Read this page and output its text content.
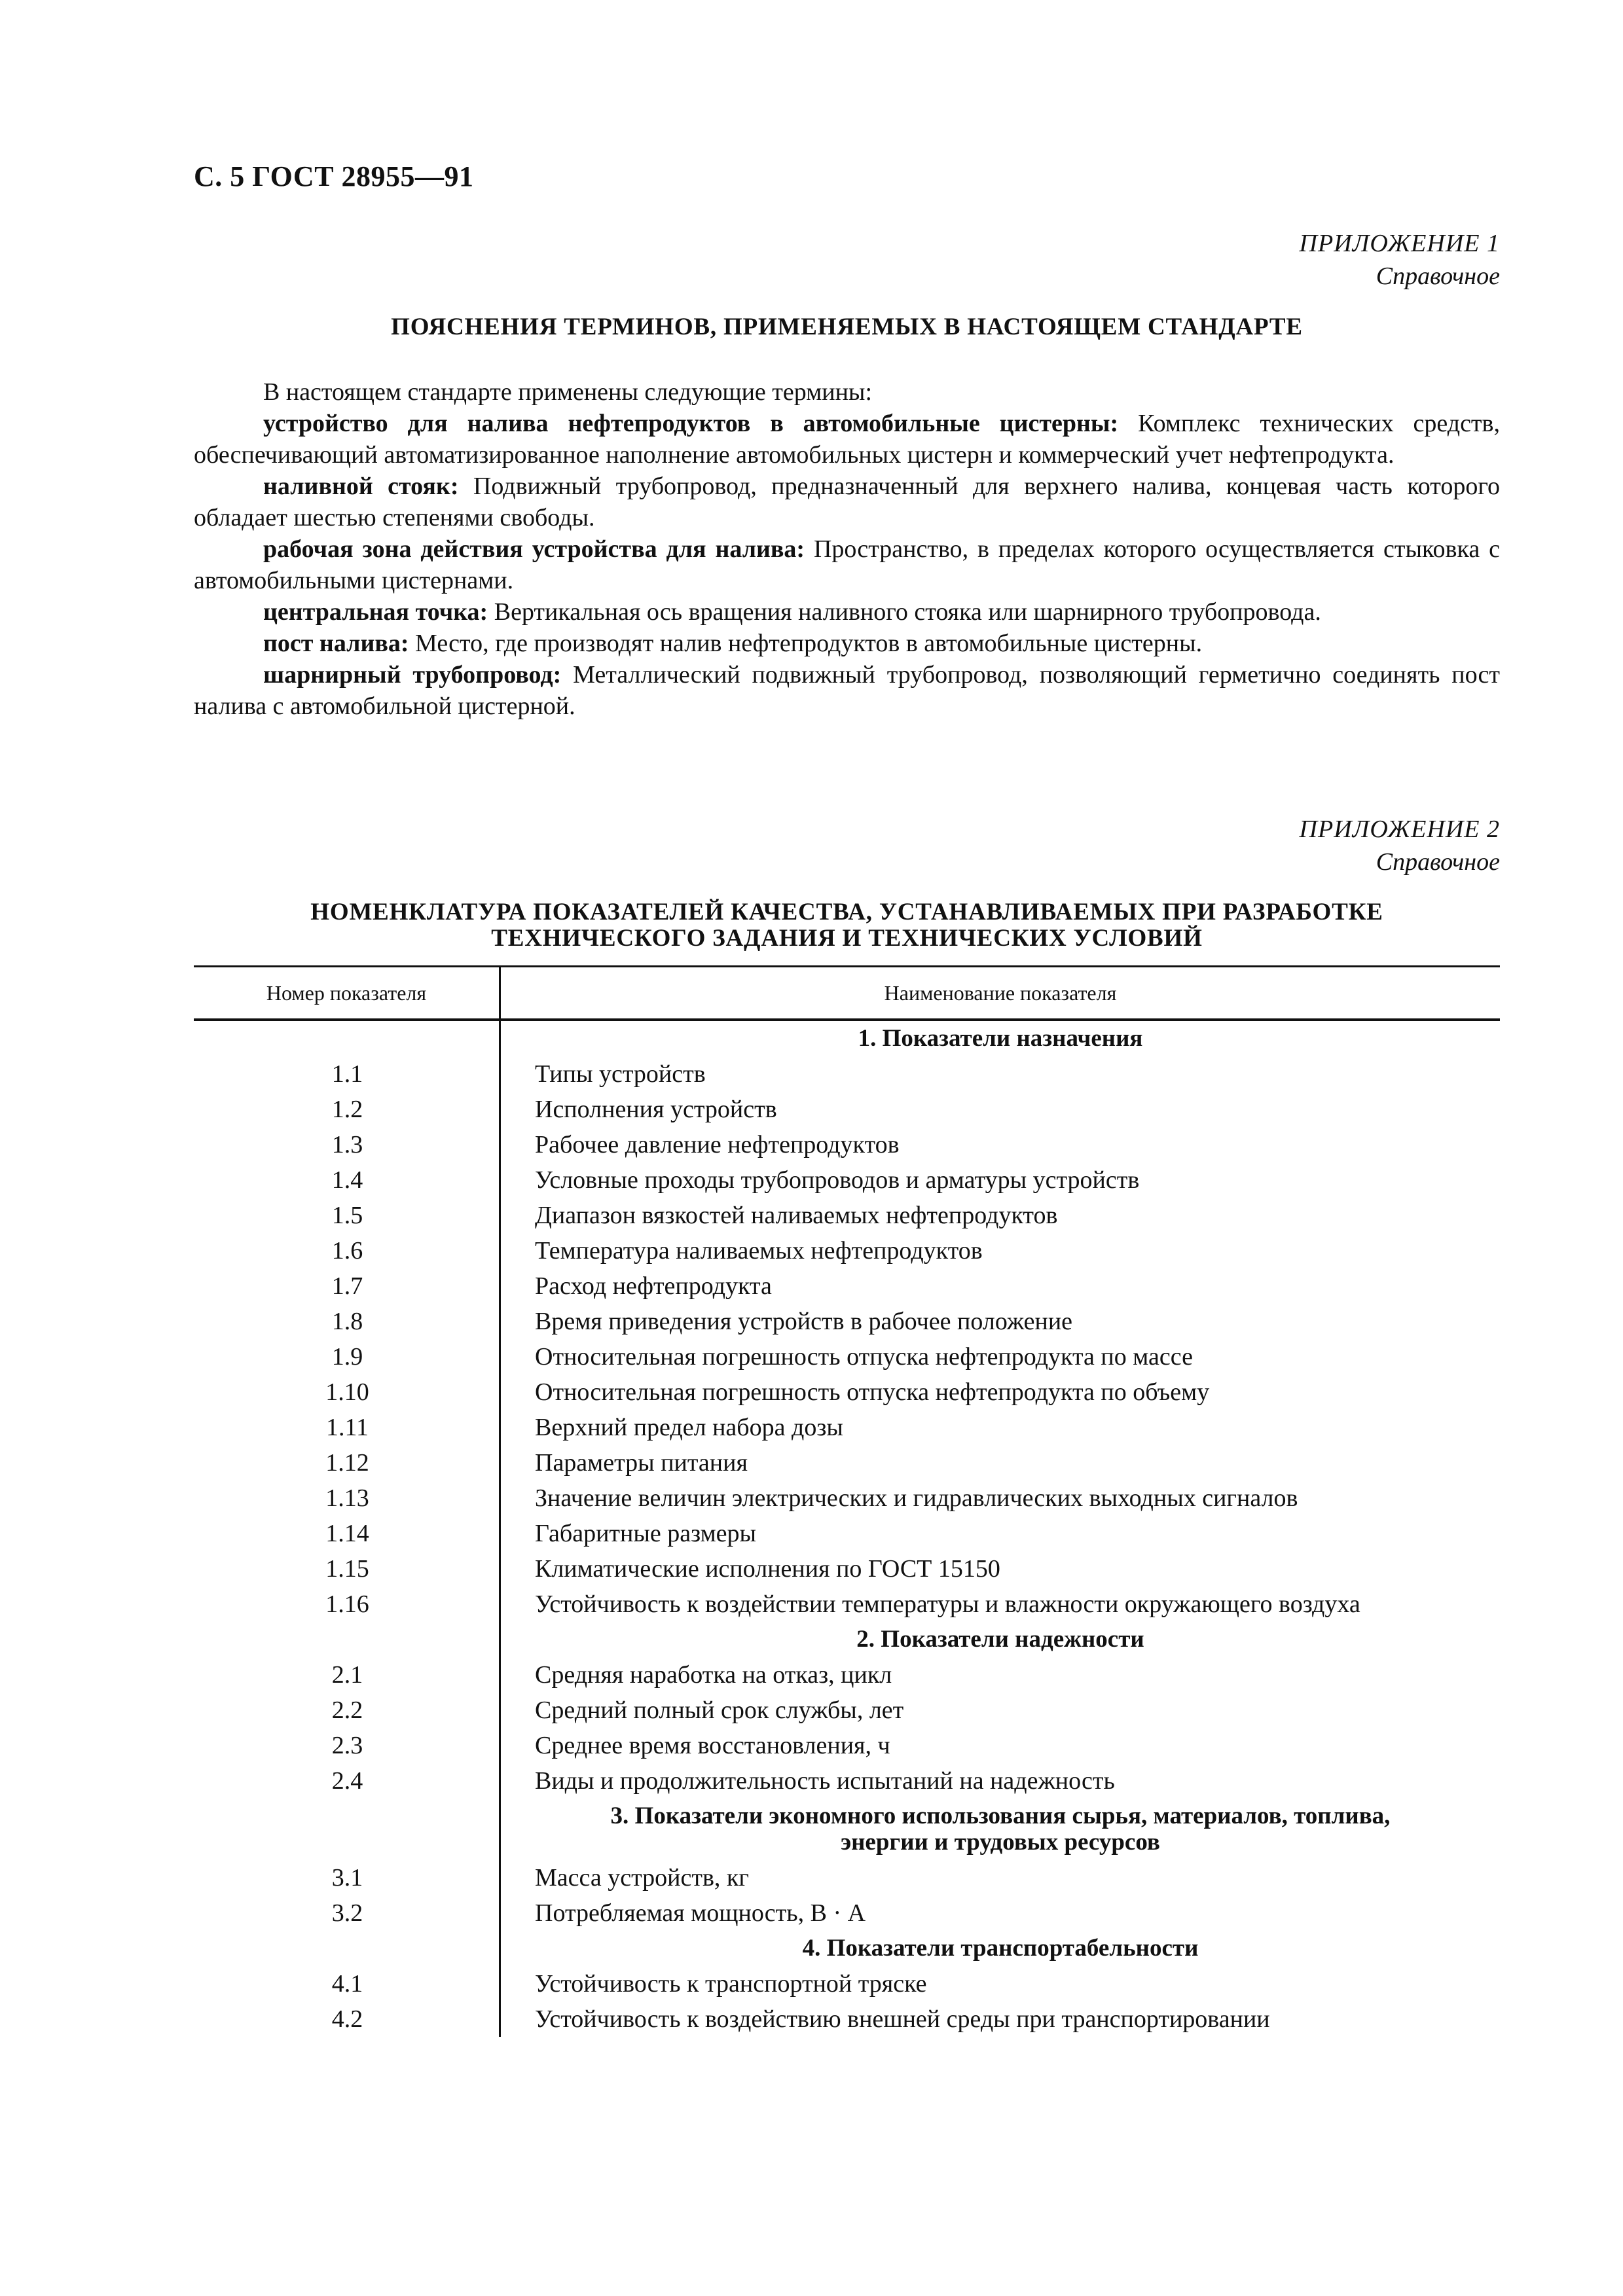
С. 5 ГОСТ 28955—91
ПРИЛОЖЕНИЕ 1
Справочное
ПОЯСНЕНИЯ ТЕРМИНОВ, ПРИМЕНЯЕМЫХ В НАСТОЯЩЕМ СТАНДАРТЕ

В настоящем стандарте применены следующие термины:

устройство для налива нефтепродуктов в автомобильные цистерны: Комплекс технических средств, обеспечивающий автоматизированное наполнение автомобильных цистерн и коммерческий учет нефтепродукта.

наливной стояк: Подвижный трубопровод, предназначенный для верхнего налива, концевая часть которого обладает шестью степенями свободы.

рабочая зона действия устройства для налива: Пространство, в пределах которого осуществляется стыковка с автомобильными цистернами.

центральная точка: Вертикальная ось вращения наливного стояка или шарнирного трубопровода.

пост налива: Место, где производят налив нефтепродуктов в автомобильные цистерны.

шарнирный трубопровод: Металлический подвижный трубопровод, позволяющий герметично соединять пост налива с автомобильной цистерной.

ПРИЛОЖЕНИЕ 2
Справочное
НОМЕНКЛАТУРА ПОКАЗАТЕЛЕЙ КАЧЕСТВА, УСТАНАВЛИВАЕМЫХ ПРИ РАЗРАБОТКЕ
ТЕХНИЧЕСКОГО ЗАДАНИЯ И ТЕХНИЧЕСКИХ УСЛОВИЙ
Номер показателя	Наименование показателя
1. Показатели назначения
1.1	Типы устройств
1.2	Исполнения устройств
1.3	Рабочее давление нефтепродуктов
1.4	Условные проходы трубопроводов и арматуры устройств
1.5	Диапазон вязкостей наливаемых нефтепродуктов
1.6	Температура наливаемых нефтепродуктов
1.7	Расход нефтепродукта
1.8	Время приведения устройств в рабочее положение
1.9	Относительная погрешность отпуска нефтепродукта по массе
1.10	Относительная погрешность отпуска нефтепродукта по объему
1.11	Верхний предел набора дозы
1.12	Параметры питания
1.13	Значение величин электрических и гидравлических выходных сигналов
1.14	Габаритные размеры
1.15	Климатические исполнения по ГОСТ 15150
1.16	Устойчивость к воздействии температуры и влажности окружающего воздуха
2. Показатели надежности
2.1	Средняя наработка на отказ, цикл
2.2	Средний полный срок службы, лет
2.3	Среднее время восстановления, ч
2.4	Виды и продолжительность испытаний на надежность
3. Показатели экономного использования сырья, материалов, топлива,
энергии и трудовых ресурсов
3.1	Масса устройств, кг
3.2	Потребляемая мощность, В · А
4. Показатели транспортабельности
4.1	Устойчивость к транспортной тряске
4.2	Устойчивость к воздействию внешней среды при транспортировании
